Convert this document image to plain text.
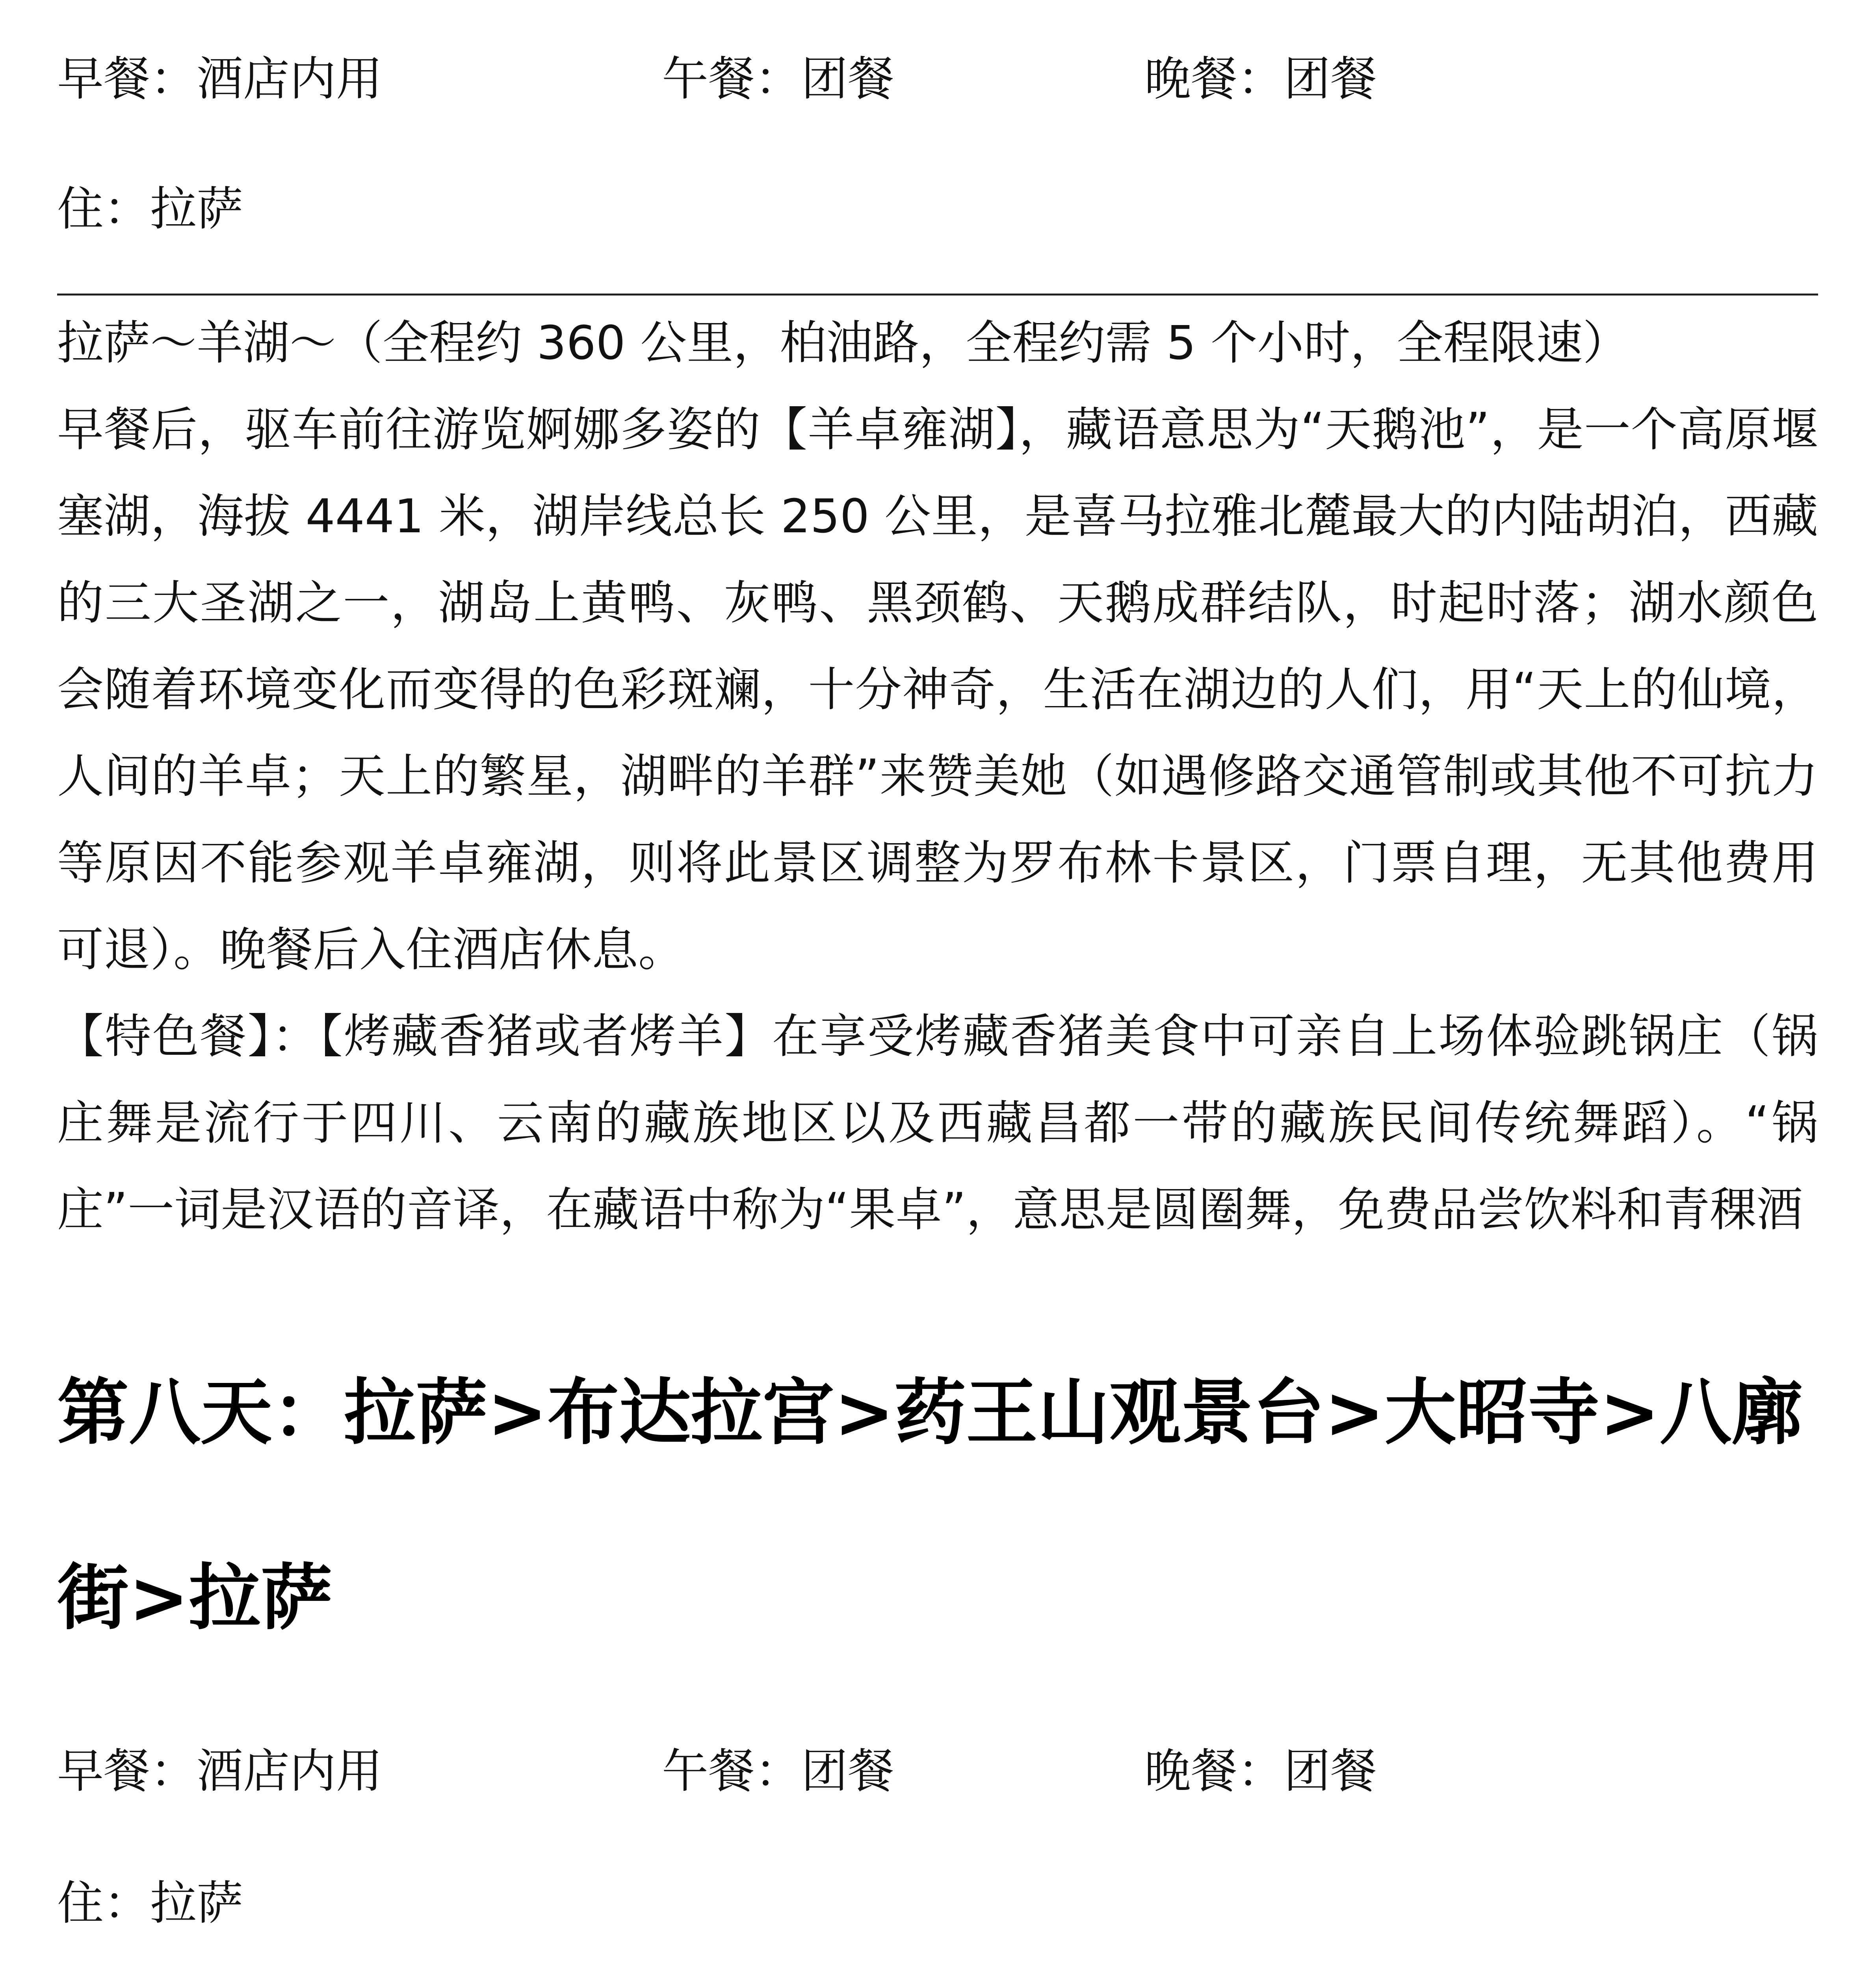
早餐：酒店内用	午餐：团餐	晚餐：团餐
住：拉萨

拉萨～羊湖～（全程约 360 公里，柏油路，全程约需 5 个小时，全程限速）

早餐后，驱车前往游览婀娜多姿的【羊卓雍湖】，藏语意思为“天鹅池”，是一个高原堰塞湖，海拔 4441 米，湖岸线总长 250 公里，是喜马拉雅北麓最大的内陆胡泊，西藏的三大圣湖之一，湖岛上黄鸭、灰鸭、黑颈鹤、天鹅成群结队，时起时落；湖水颜色会随着环境变化而变得的色彩斑斓，十分神奇，生活在湖边的人们，用“天上的仙境，人间的羊卓；天上的繁星，湖畔的羊群”来赞美她（如遇修路交通管制或其他不可抗力等原因不能参观羊卓雍湖，则将此景区调整为罗布林卡景区，门票自理，无其他费用可退）。晚餐后入住酒店休息。

【特色餐】：【烤藏香猪或者烤羊】在享受烤藏香猪美食中可亲自上场体验跳锅庄（锅庄舞是流行于四川、云南的藏族地区以及西藏昌都一带的藏族民间传统舞蹈）。“锅庄”一词是汉语的音译，在藏语中称为“果卓”，意思是圆圈舞，免费品尝饮料和青稞酒

第八天：拉萨>布达拉宫>药王山观景台>大昭寺>八廓街>拉萨
早餐：酒店内用	午餐：团餐	晚餐：团餐
住：拉萨
